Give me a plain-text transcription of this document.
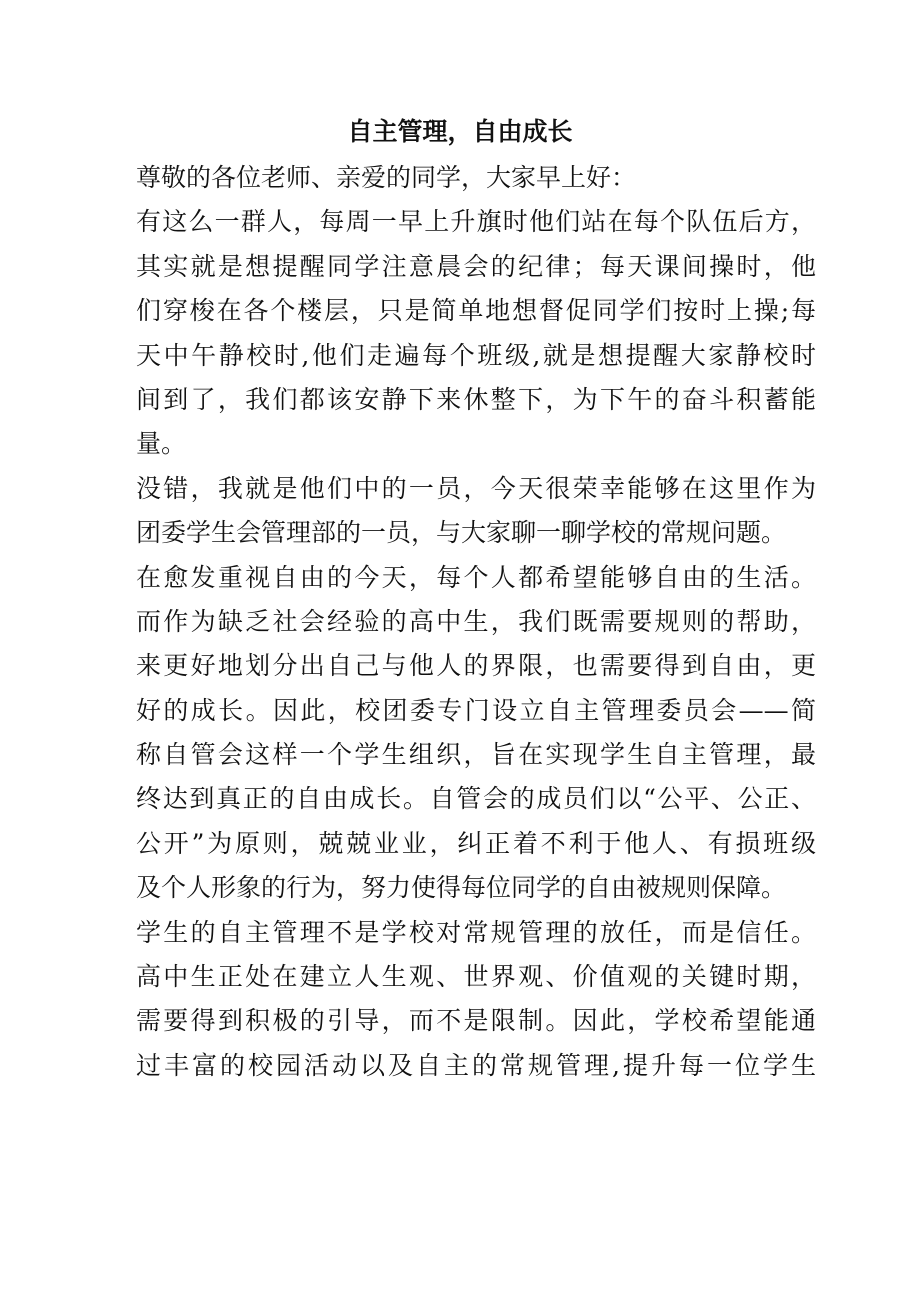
自主管理，自由成长
尊敬的各位老师、亲爱的同学，大家早上好：
有这么一群人，每周一早上升旗时他们站在每个队伍后方，
其实就是想提醒同学注意晨会的纪律；每天课间操时，他
们穿梭在各个楼层，只是简单地想督促同学们按时上操;每
天中午静校时,他们走遍每个班级,就是想提醒大家静校时
间到了，我们都该安静下来休整下，为下午的奋斗积蓄能
量。
没错，我就是他们中的一员，今天很荣幸能够在这里作为
团委学生会管理部的一员，与大家聊一聊学校的常规问题。
在愈发重视自由的今天，每个人都希望能够自由的生活。
而作为缺乏社会经验的高中生，我们既需要规则的帮助，
来更好地划分出自己与他人的界限，也需要得到自由，更
好的成长。因此，校团委专门设立自主管理委员会——简
称自管会这样一个学生组织，旨在实现学生自主管理，最
终达到真正的自由成长。自管会的成员们以“公平、公正、
公开”为原则，兢兢业业，纠正着不利于他人、有损班级
及个人形象的行为，努力使得每位同学的自由被规则保障。
学生的自主管理不是学校对常规管理的放任，而是信任。
高中生正处在建立人生观、世界观、价值观的关键时期，
需要得到积极的引导，而不是限制。因此，学校希望能通
过丰富的校园活动以及自主的常规管理,提升每一位学生
